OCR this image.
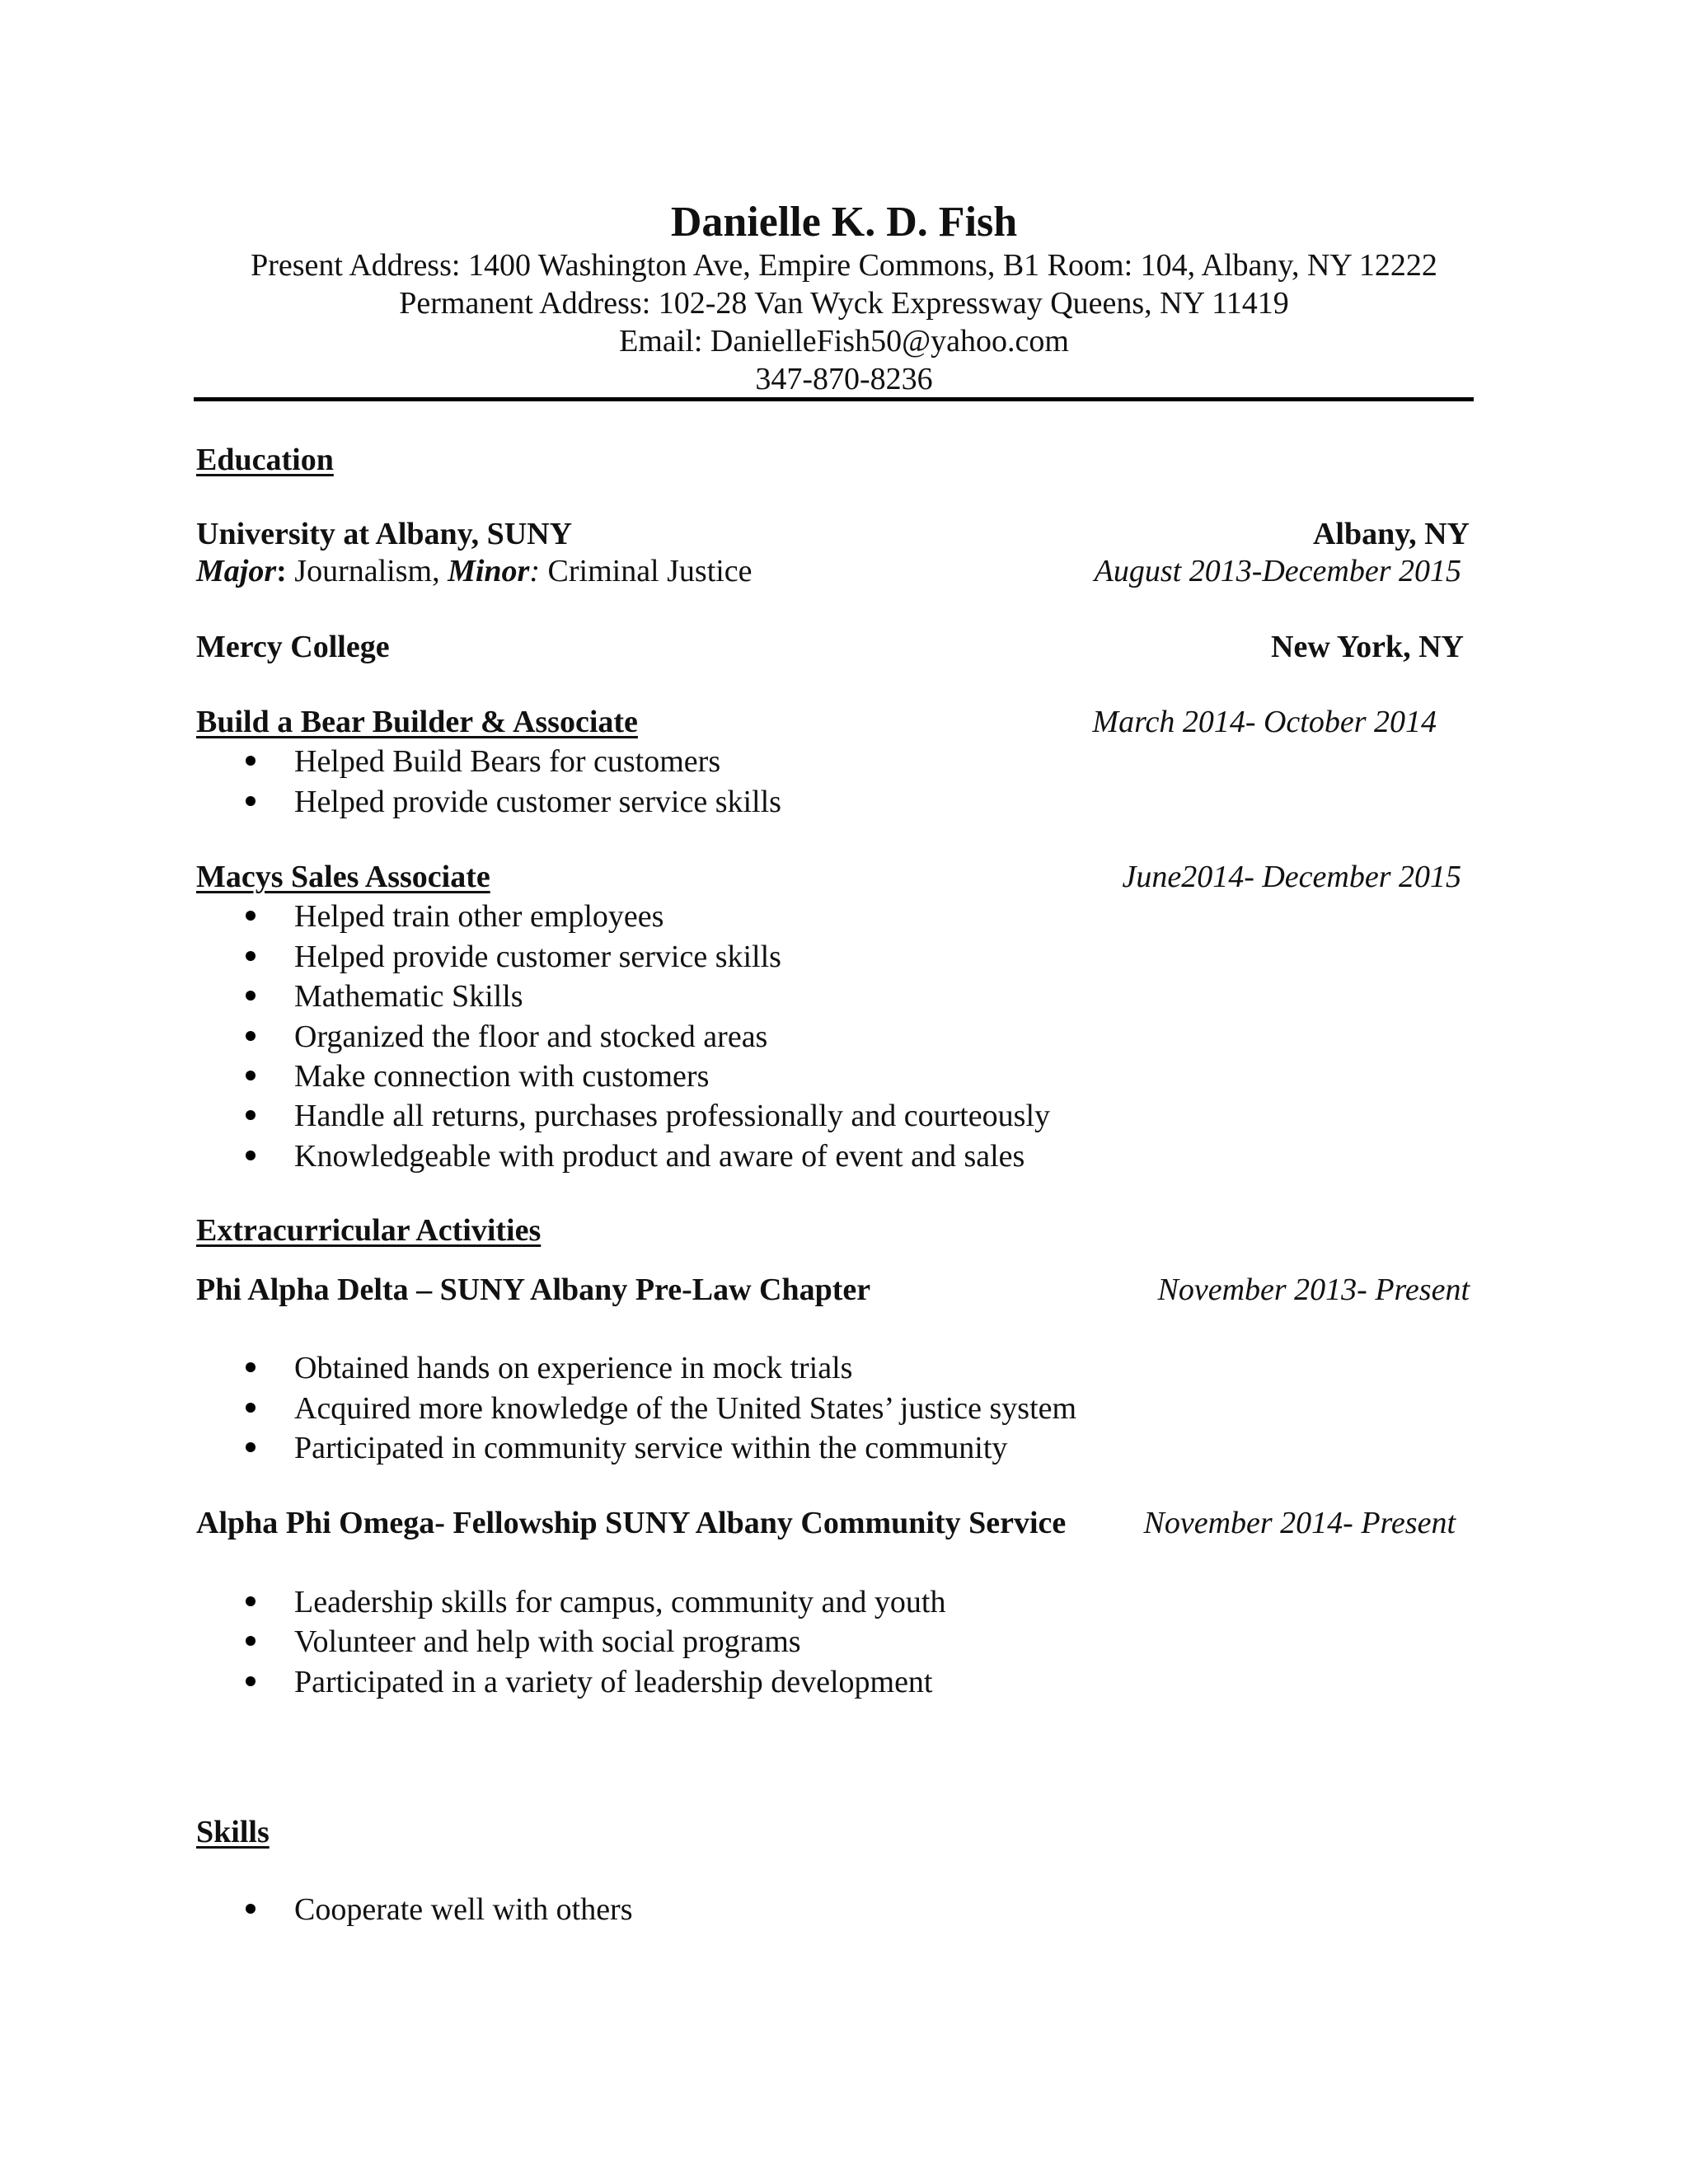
Danielle K. D. Fish
Present Address: 1400 Washington Ave, Empire Commons, B1 Room: 104, Albany, NY 12222
Permanent Address: 102-28 Van Wyck Expressway Queens, NY 11419
Email: DanielleFish50@yahoo.com
347-870-8236
Education
University at Albany, SUNY	Albany, NY
Major: Journalism, Minor: Criminal Justice	August 2013-December 2015
Mercy College	New York, NY
Build a Bear Builder & Associate	March 2014- October 2014
Helped Build Bears for customers
Helped provide customer service skills
Macys Sales Associate	June2014- December 2015
Helped train other employees
Helped provide customer service skills
Mathematic Skills
Organized the floor and stocked areas
Make connection with customers
Handle all returns, purchases professionally and courteously
Knowledgeable with product and aware of event and sales
Extracurricular Activities
Phi Alpha Delta – SUNY Albany Pre-Law Chapter	November 2013- Present
Obtained hands on experience in mock trials
Acquired more knowledge of the United States’ justice system
Participated in community service within the community
Alpha Phi Omega- Fellowship SUNY Albany Community Service November 2014- Present
Leadership skills for campus, community and youth
Volunteer and help with social programs
Participated in a variety of leadership development
Skills
Cooperate well with others
